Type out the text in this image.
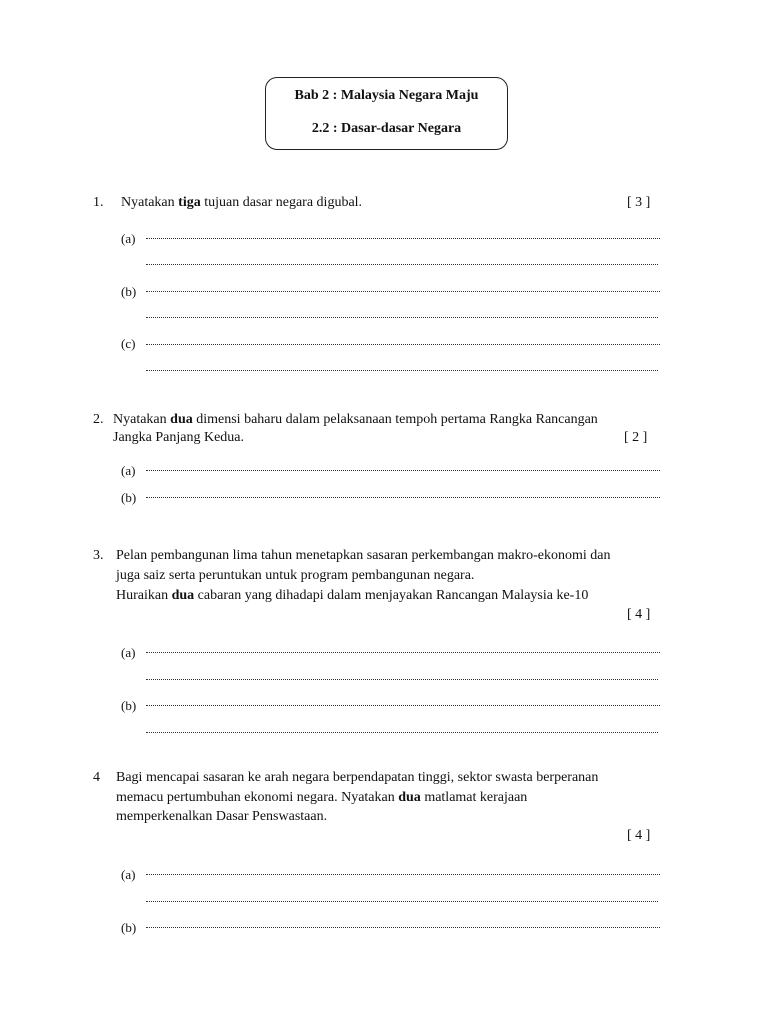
Bab 2 : Malaysia Negara Maju
2.2 : Dasar-dasar Negara
1. Nyatakan tiga tujuan dasar negara digubal.	[ 3 ]
(a)
(b)
(c)
2. Nyatakan dua dimensi baharu dalam pelaksanaan tempoh pertama Rangka Rancangan
Jangka Panjang Kedua.	[ 2 ]
(a)
(b)
3. Pelan pembangunan lima tahun menetapkan sasaran perkembangan makro-ekonomi dan
juga saiz serta peruntukan untuk program pembangunan negara.
Huraikan dua cabaran yang dihadapi dalam menjayakan Rancangan Malaysia ke-10
[ 4 ]
(a)
(b)
4 Bagi mencapai sasaran ke arah negara berpendapatan tinggi, sektor swasta berperanan
memacu pertumbuhan ekonomi negara. Nyatakan dua matlamat kerajaan
memperkenalkan Dasar Penswastaan.
[ 4 ]
(a)
(b)
